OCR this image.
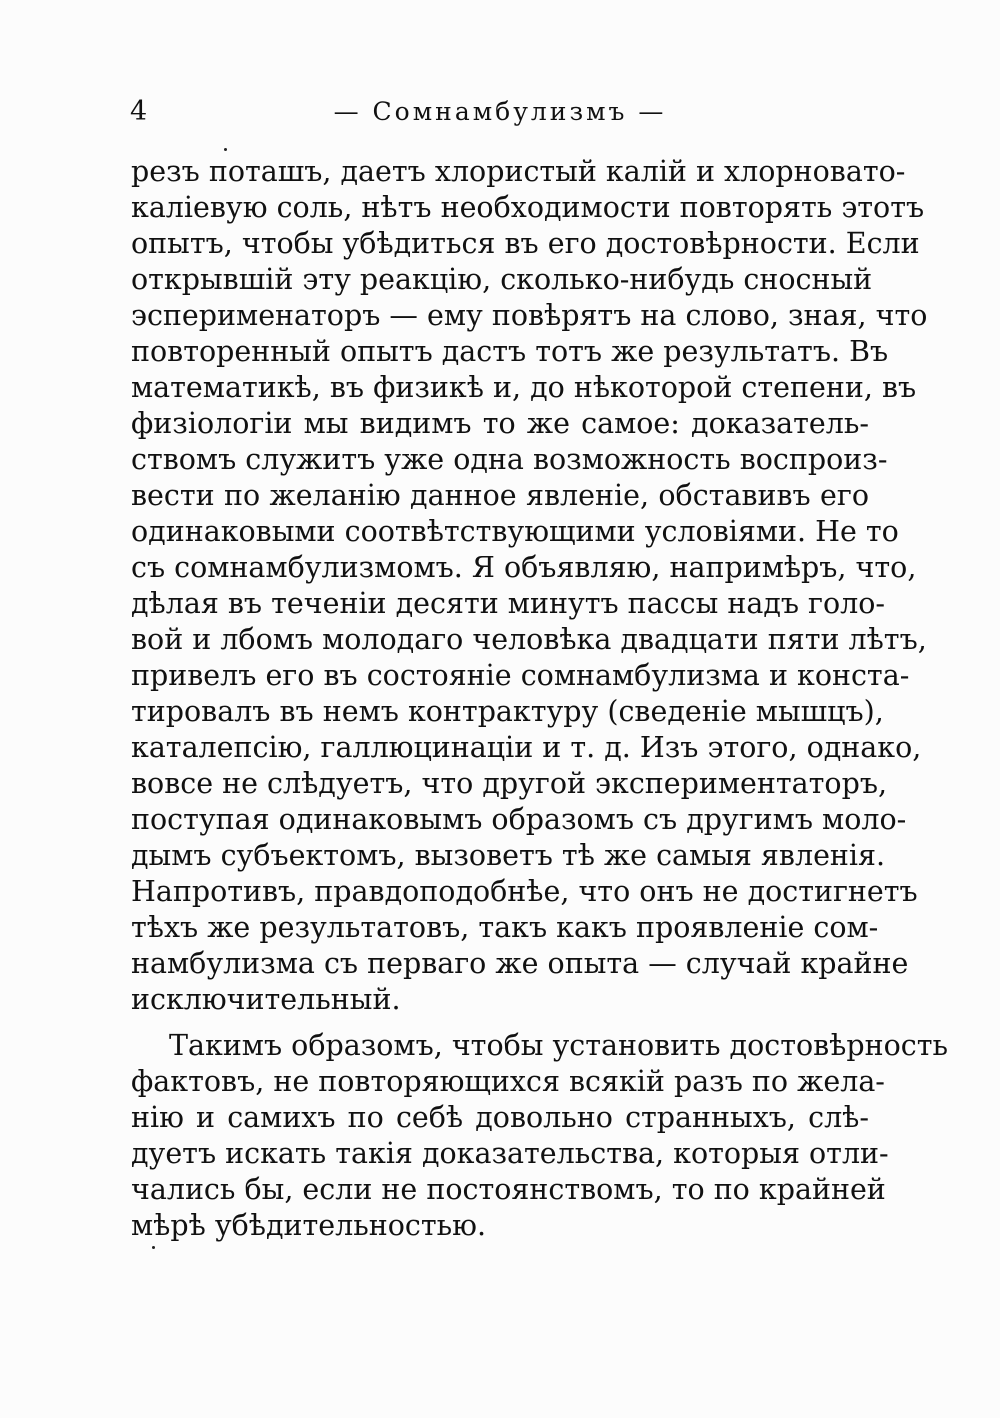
4	— Сомнамбулизмъ —
резъ поташъ, даетъ хлористый калій и хлорновато-
каліевую соль, нѣтъ необходимости повторять этотъ
опытъ, чтобы убѣдиться въ его достовѣрности. Если
открывшій эту реакцію, сколько-нибудь сносный
эсперименаторъ — ему повѣрятъ на слово, зная, что
повторенный опытъ дастъ тотъ же результатъ. Въ
математикѣ, въ физикѣ и, до нѣкоторой степени, въ
физіологіи мы видимъ то же самое: доказатель-
ствомъ служитъ уже одна возможность воспроиз-
вести по желанію данное явленіе, обставивъ его
одинаковыми соотвѣтствующими условіями. Не то
съ сомнамбулизмомъ. Я объявляю, напримѣръ, что,
дѣлая въ теченіи десяти минутъ пассы надъ голо-
вой и лбомъ молодаго человѣка двадцати пяти лѣтъ,
привелъ его въ состояніе сомнамбулизма и конста-
тировалъ въ немъ контрактуру (сведеніе мышцъ),
каталепсію, галлюцинаціи и т. д. Изъ этого, однако,
вовсе не слѣдуетъ, что другой экспериментаторъ,
поступая одинаковымъ образомъ съ другимъ моло-
дымъ субъектомъ, вызоветъ тѣ же самыя явленія.
Напротивъ, правдоподобнѣе, что онъ не достигнетъ
тѣхъ же результатовъ, такъ какъ проявленіе сом-
намбулизма съ перваго же опыта — случай крайне
исключительный.
Такимъ образомъ, чтобы установить достовѣрность
фактовъ, не повторяющихся всякій разъ по жела-
нію и самихъ по себѣ довольно странныхъ, слѣ-
дуетъ искать такія доказательства, которыя отли-
чались бы, если не постоянствомъ, то по крайней
мѣрѣ убѣдительностью.
